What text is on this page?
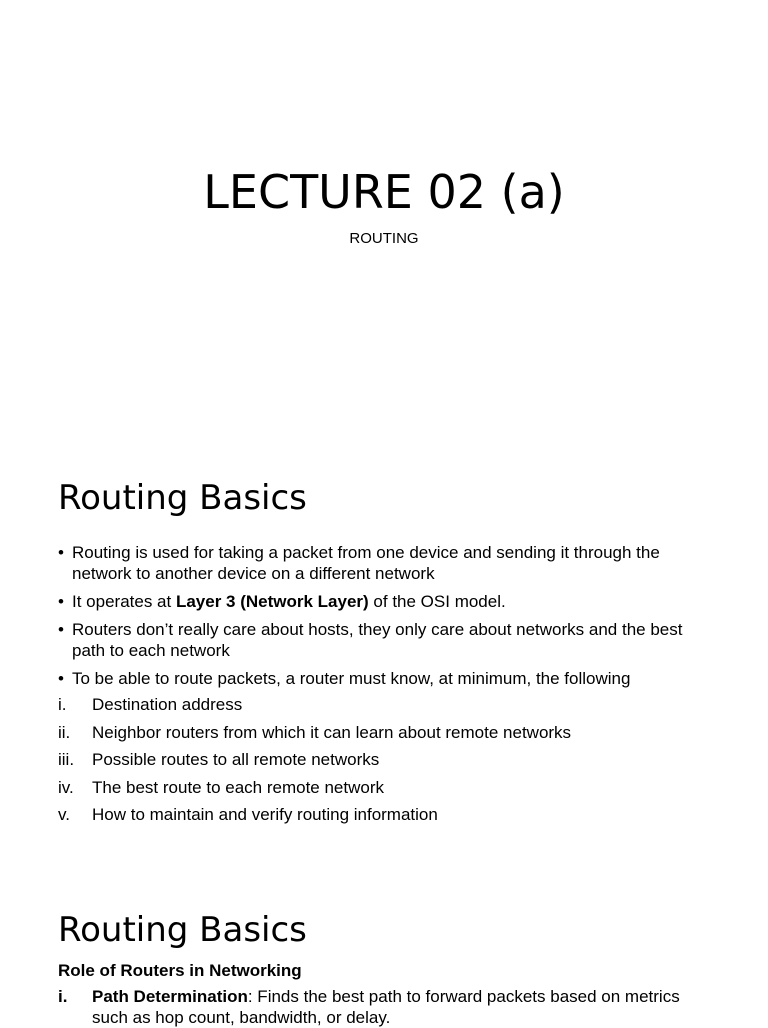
LECTURE 02 (a)
ROUTING
Routing Basics
• Routing is used for taking a packet from one device and sending it through the network to another device on a different network
• It operates at Layer 3 (Network Layer) of the OSI model.
• Routers don’t really care about hosts, they only care about networks and the best path to each network
• To be able to route packets, a router must know, at minimum, the following
i. Destination address
ii. Neighbor routers from which it can learn about remote networks
iii. Possible routes to all remote networks
iv. The best route to each remote network
v. How to maintain and verify routing information
Routing Basics
Role of Routers in Networking
i. Path Determination: Finds the best path to forward packets based on metrics such as hop count, bandwidth, or delay.
